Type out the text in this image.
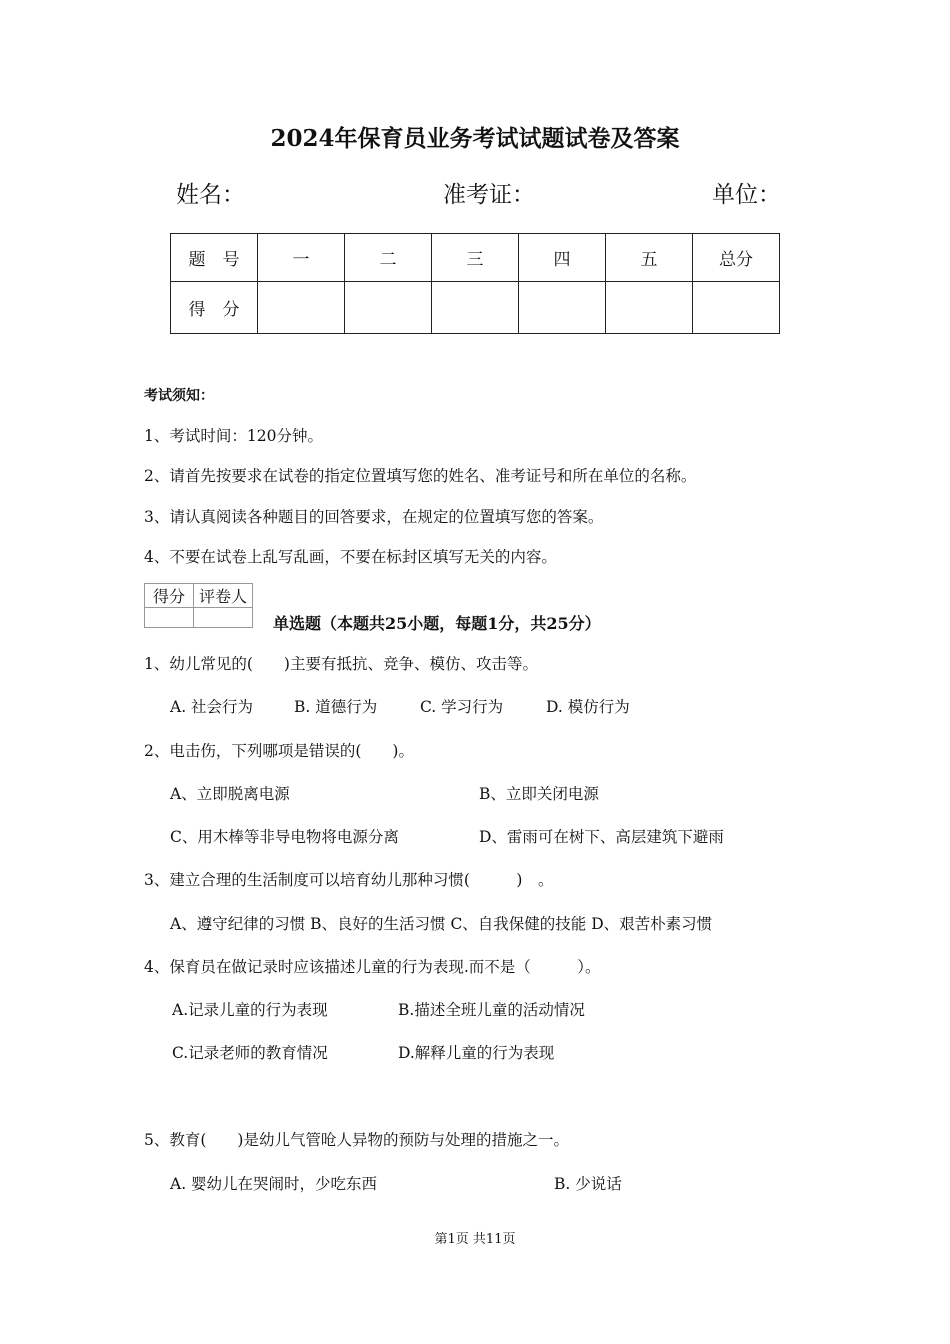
2024年保育员业务考试试题试卷及答案
姓名：	准考证：	单位：
题　号	一	二	三	四	五	总分
得　分						
考试须知：
1、考试时间：120分钟。
2、请首先按要求在试卷的指定位置填写您的姓名、准考证号和所在单位的名称。
3、请认真阅读各种题目的回答要求，在规定的位置填写您的答案。
4、不要在试卷上乱写乱画，不要在标封区填写无关的内容。
得分	评卷人

单选题（本题共25小题，每题1分，共25分）
1、幼儿常见的(　　)主要有抵抗、竞争、模仿、攻击等。
A. 社会行为	B. 道德行为	C. 学习行为	D. 模仿行为
2、电击伤，下列哪项是错误的(　　)。
A、立即脱离电源	B、立即关闭电源
C、用木棒等非导电物将电源分离	D、雷雨可在树下、高层建筑下避雨
3、建立合理的生活制度可以培育幼儿那种习惯(　　　)　。
A、遵守纪律的习惯 B、良好的生活习惯 C、自我保健的技能 D、艰苦朴素习惯
4、保育员在做记录时应该描述儿童的行为表现.而不是（　　　）。
A.记录儿童的行为表现	B.描述全班儿童的活动情况
C.记录老师的教育情况	D.解释儿童的行为表现
5、教育(　　)是幼儿气管呛人异物的预防与处理的措施之一。
A. 婴幼儿在哭闹时，少吃东西	B. 少说话
第1页 共11页
